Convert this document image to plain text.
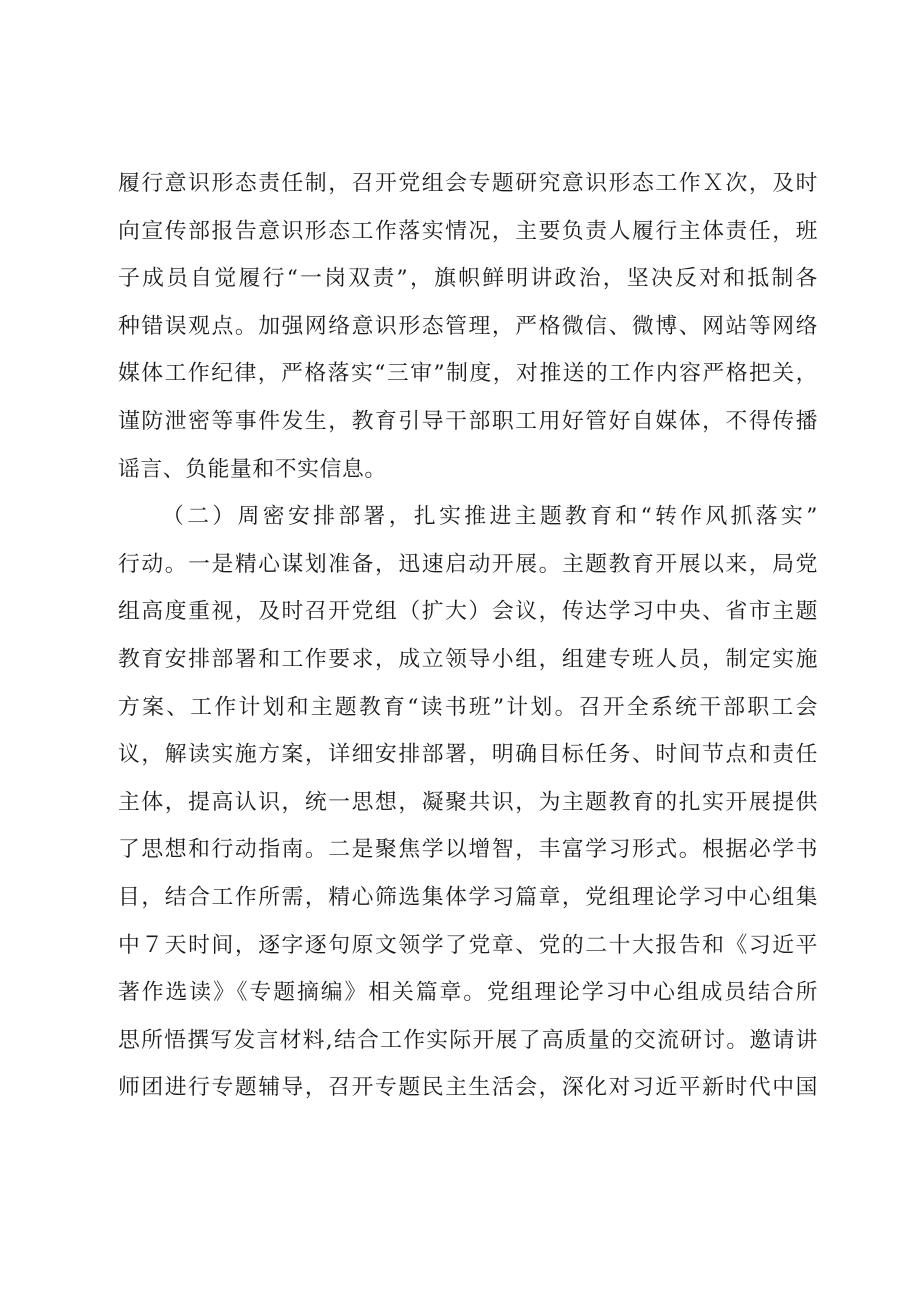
履行意识形态责任制，召开党组会专题研究意识形态工作Ｘ次，及时
向宣传部报告意识形态工作落实情况，主要负责人履行主体责任，班
子成员自觉履行“一岗双责”，旗帜鲜明讲政治，坚决反对和抵制各
种错误观点。加强网络意识形态管理，严格微信、微博、网站等网络
媒体工作纪律，严格落实“三审”制度，对推送的工作内容严格把关，
谨防泄密等事件发生，教育引导干部职工用好管好自媒体，不得传播
谣言、负能量和不实信息。
（二）周密安排部署，扎实推进主题教育和“转作风抓落实”
行动。一是精心谋划准备，迅速启动开展。主题教育开展以来，局党
组高度重视，及时召开党组（扩大）会议，传达学习中央、省市主题
教育安排部署和工作要求，成立领导小组，组建专班人员，制定实施
方案、工作计划和主题教育“读书班”计划。召开全系统干部职工会
议，解读实施方案，详细安排部署，明确目标任务、时间节点和责任
主体，提高认识，统一思想，凝聚共识，为主题教育的扎实开展提供
了思想和行动指南。二是聚焦学以增智，丰富学习形式。根据必学书
目，结合工作所需，精心筛选集体学习篇章，党组理论学习中心组集
中７天时间，逐字逐句原文领学了党章、党的二十大报告和《习近平
著作选读》《专题摘编》相关篇章。党组理论学习中心组成员结合所
思所悟撰写发言材料,结合工作实际开展了高质量的交流研讨。邀请讲
师团进行专题辅导，召开专题民主生活会，深化对习近平新时代中国
